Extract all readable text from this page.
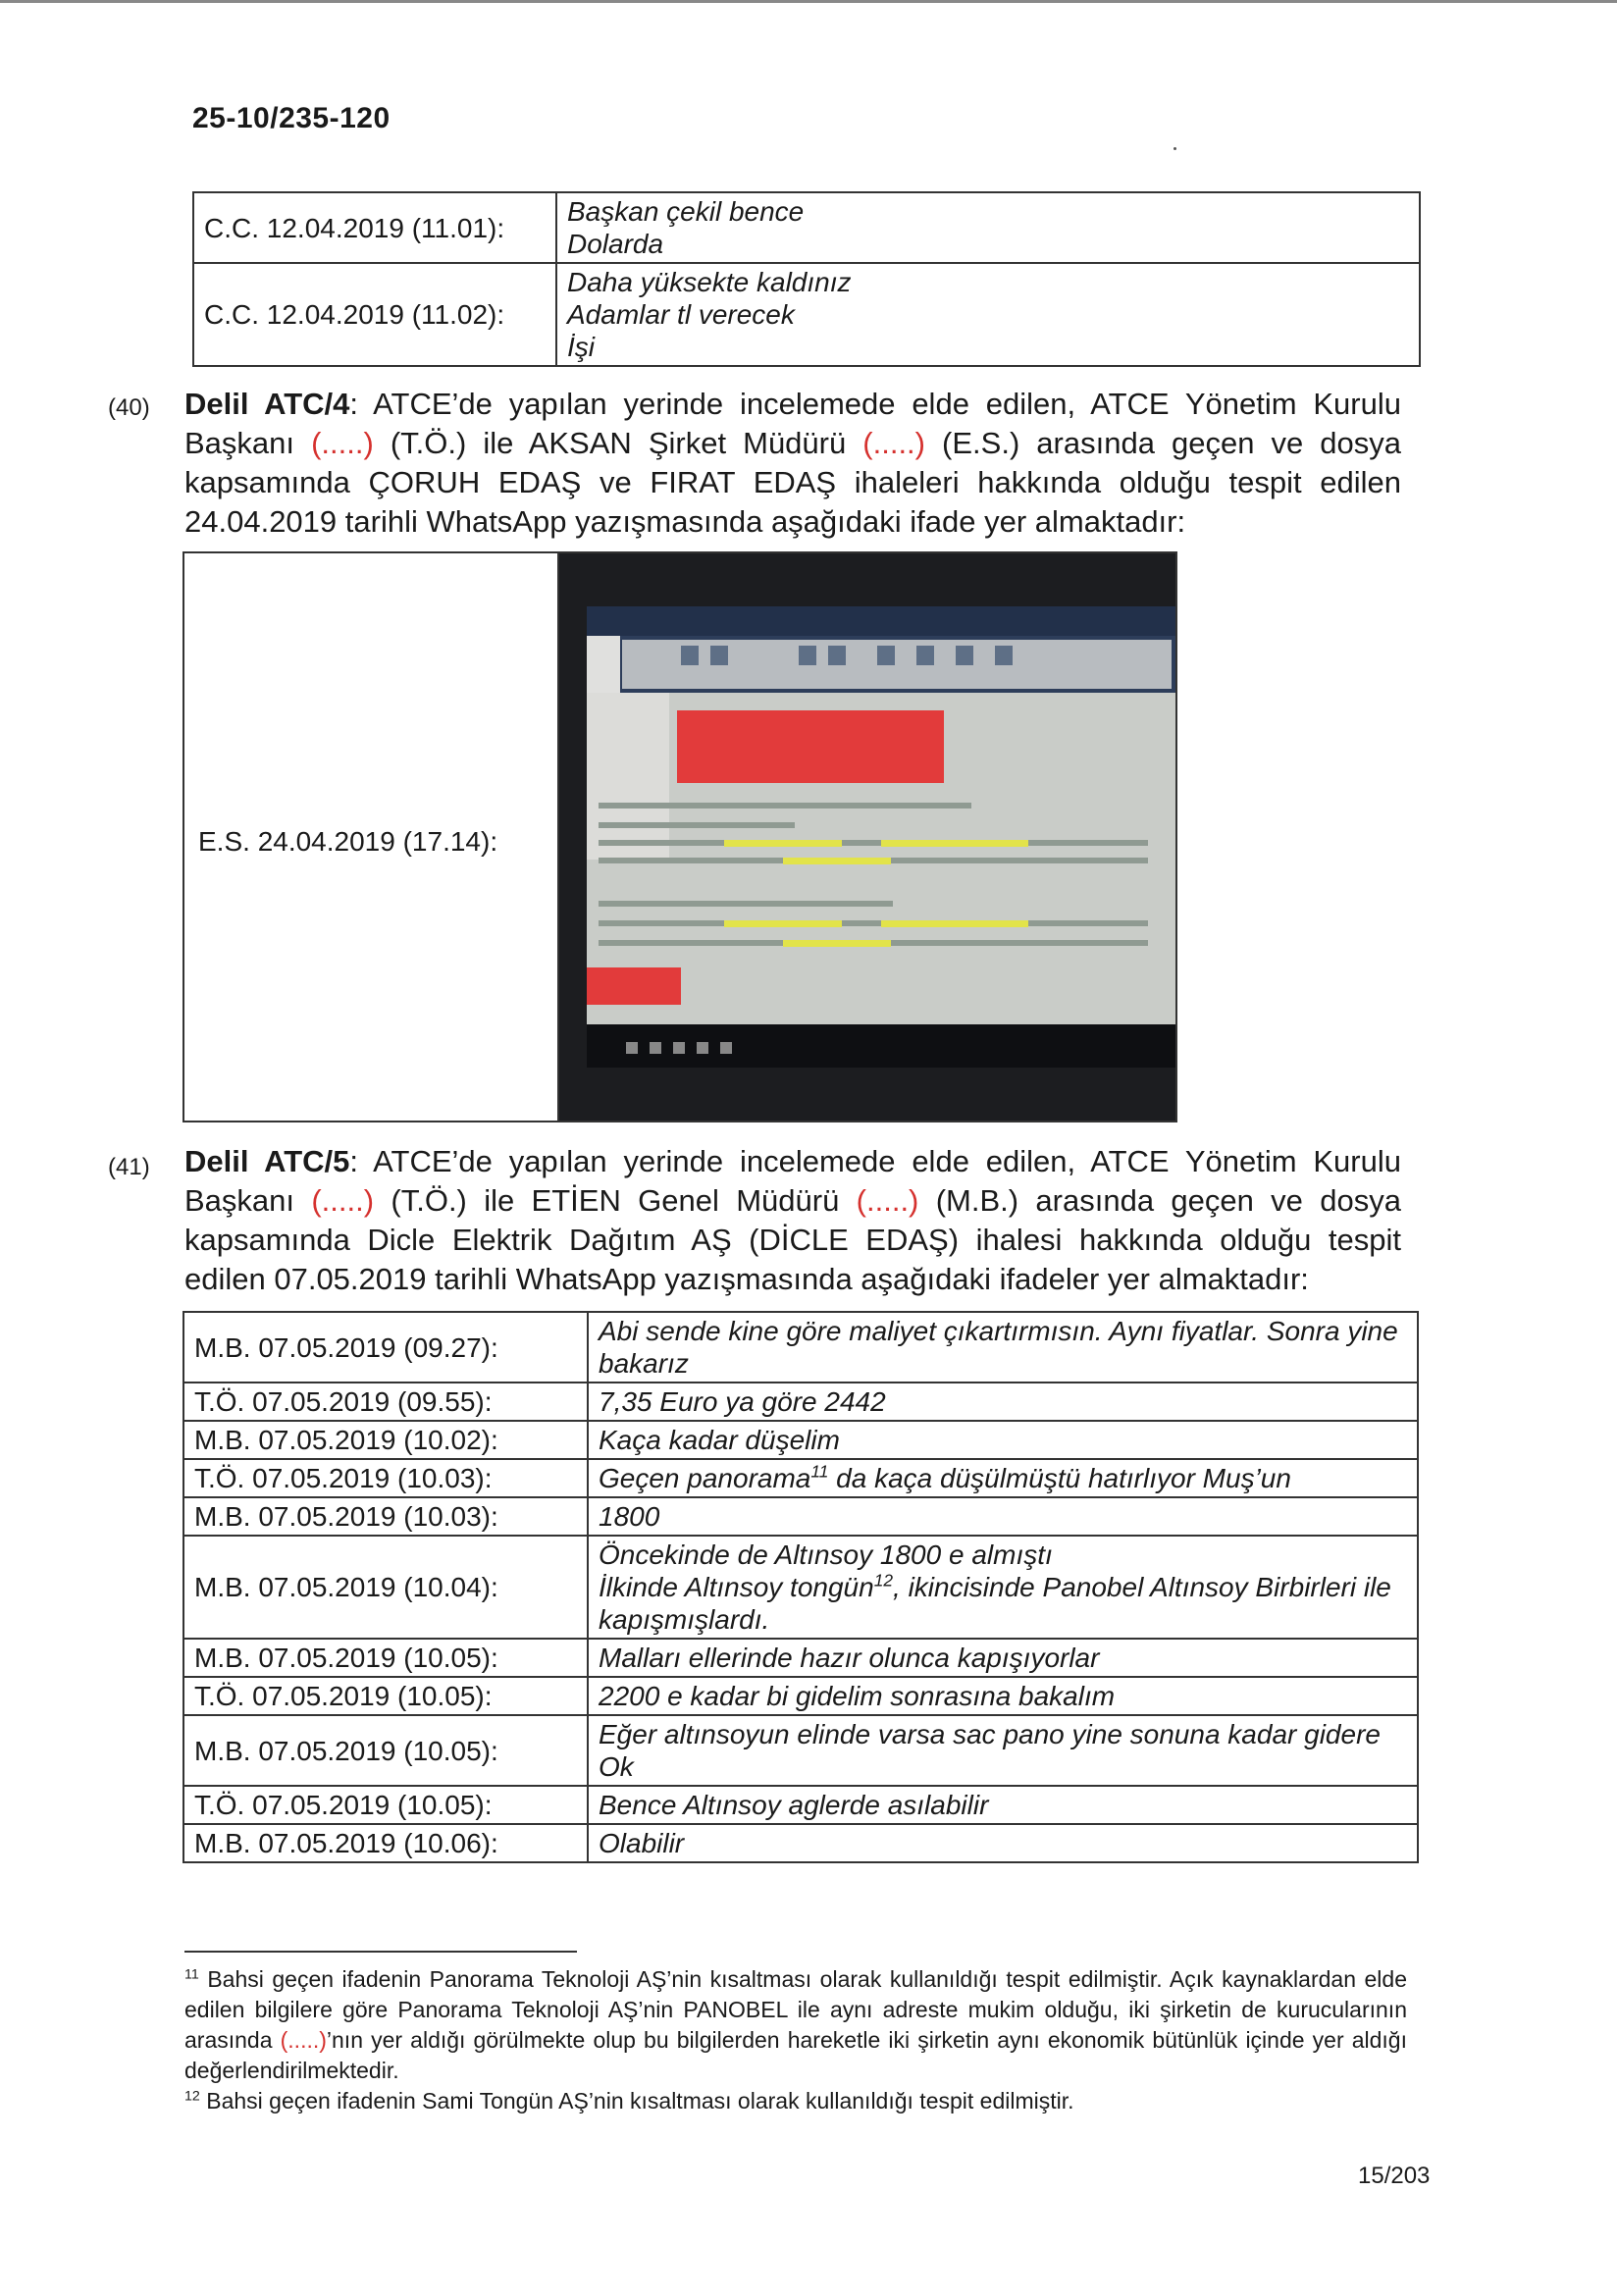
25-10/235-120
C.C. 12.04.2019 (11.01):	Başkan çekil bence
Dolarda

C.C. 12.04.2019 (11.02):	Daha yüksekte kaldınız
Adamlar tl verecek
İşi
(40) Delil ATC/4: ATCE’de yapılan yerinde incelemede elde edilen, ATCE Yönetim Kurulu Başkanı (.....) (T.Ö.) ile AKSAN Şirket Müdürü (.....) (E.S.) arasında geçen ve dosya kapsamında ÇORUH EDAŞ ve FIRAT EDAŞ ihaleleri hakkında olduğu tespit edilen 24.04.2019 tarihli WhatsApp yazışmasında aşağıdaki ifade yer almaktadır:
E.S. 24.04.2019 (17.14):
(41) Delil ATC/5: ATCE’de yapılan yerinde incelemede elde edilen, ATCE Yönetim Kurulu Başkanı (.....) (T.Ö.) ile ETİEN Genel Müdürü (.....) (M.B.) arasında geçen ve dosya kapsamında Dicle Elektrik Dağıtım AŞ (DİCLE EDAŞ) ihalesi hakkında olduğu tespit edilen 07.05.2019 tarihli WhatsApp yazışmasında aşağıdaki ifadeler yer almaktadır:
M.B. 07.05.2019 (09.27):	Abi sende kine göre maliyet çıkartırmısın. Aynı fiyatlar. Sonra yine bakarız

T.Ö. 07.05.2019 (09.55):	7,35 Euro ya göre 2442

M.B. 07.05.2019 (10.02):	Kaça kadar düşelim

T.Ö. 07.05.2019 (10.03):	Geçen panorama$^{11}$ da kaça düşülmüştü hatırlıyor Muş’un

M.B. 07.05.2019 (10.03):	1800

M.B. 07.05.2019 (10.04):	Öncekinde de Altınsoy 1800 e almıştı
İlkinde Altınsoy tongün$^{12}$, ikincisinde Panobel Altınsoy Birbirleri ile kapışmışlardı.

M.B. 07.05.2019 (10.05):	Malları ellerinde hazır olunca kapışıyorlar

T.Ö. 07.05.2019 (10.05):	2200 e kadar bi gidelim sonrasına bakalım

M.B. 07.05.2019 (10.05):	Eğer altınsoyun elinde varsa sac pano yine sonuna kadar gidere
Ok

T.Ö. 07.05.2019 (10.05):	Bence Altınsoy aglerde asılabilir

M.B. 07.05.2019 (10.06):	Olabilir
$^{11}$ Bahsi geçen ifadenin Panorama Teknoloji AŞ’nin kısaltması olarak kullanıldığı tespit edilmiştir. Açık kaynaklardan elde edilen bilgilere göre Panorama Teknoloji AŞ’nin PANOBEL ile aynı adreste mukim olduğu, iki şirketin de kurucularının arasında (.....)’nın yer aldığı görülmekte olup bu bilgilerden hareketle iki şirketin aynı ekonomik bütünlük içinde yer aldığı değerlendirilmektedir.
$^{12}$ Bahsi geçen ifadenin Sami Tongün AŞ’nin kısaltması olarak kullanıldığı tespit edilmiştir.
15/203
